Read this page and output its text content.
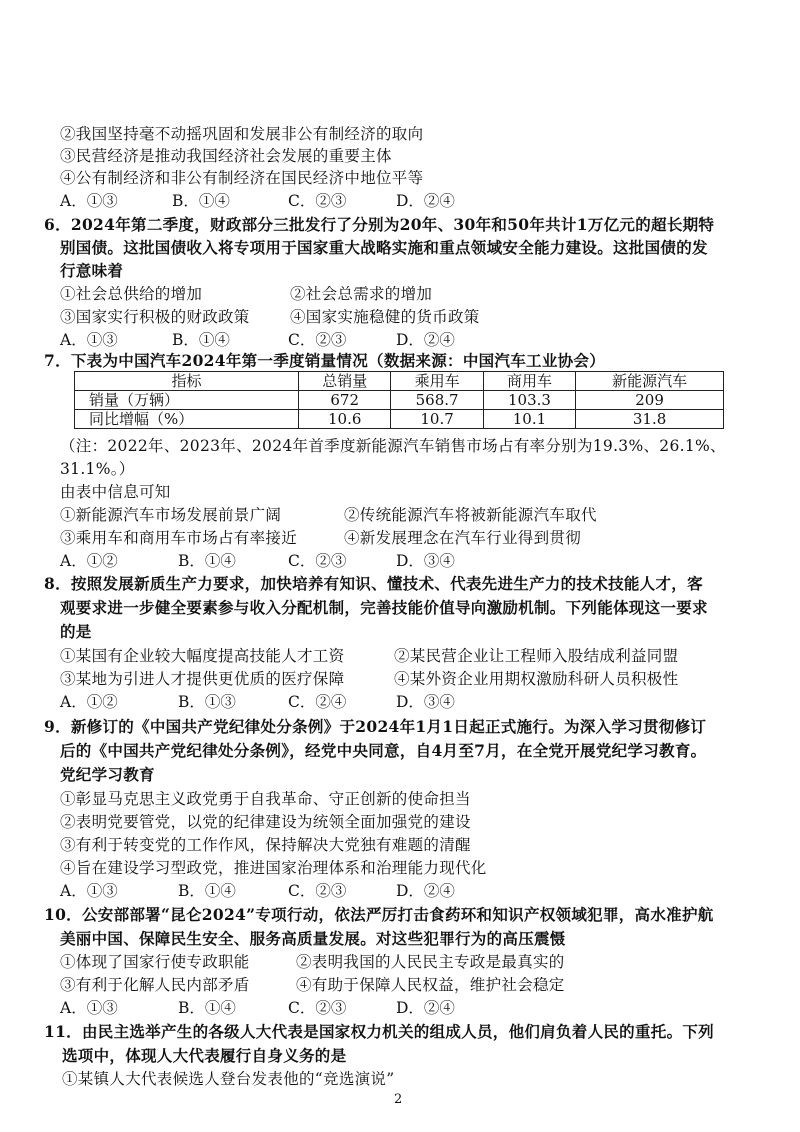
②我国坚持毫不动摇巩固和发展非公有制经济的取向
③民营经济是推动我国经济社会发展的重要主体
④公有制经济和非公有制经济在国民经济中地位平等
A．①③	B．①④	C．②③	D．②④
6．2024年第二季度，财政部分三批发行了分别为20年、30年和50年共计1万亿元的超长期特
别国债。这批国债收入将专项用于国家重大战略实施和重点领域安全能力建设。这批国债的发
行意味着
①社会总供给的增加	②社会总需求的增加
③国家实行积极的财政政策	④国家实施稳健的货币政策
A．①③	B．①④	C．②③	D．②④
7．下表为中国汽车2024年第一季度销量情况（数据来源：中国汽车工业协会）
指标	总销量	乘用车	商用车	新能源汽车
销量（万辆）	672	568.7	103.3	209
同比增幅（%）	10.6	10.7	10.1	31.8
（注：2022年、2023年、2024年首季度新能源汽车销售市场占有率分别为19.3%、26.1%、
31.1%。）
由表中信息可知
①新能源汽车市场发展前景广阔	②传统能源汽车将被新能源汽车取代
③乘用车和商用车市场占有率接近	④新发展理念在汽车行业得到贯彻
A．①②	B．①④	C．②③	D．③④
8．按照发展新质生产力要求，加快培养有知识、懂技术、代表先进生产力的技术技能人才，客
观要求进一步健全要素参与收入分配机制，完善技能价值导向激励机制。下列能体现这一要求
的是
①某国有企业较大幅度提高技能人才工资	②某民营企业让工程师入股结成利益同盟
③某地为引进人才提供更优质的医疗保障	④某外资企业用期权激励科研人员积极性
A．①②	B．①③	C．②④	D．③④
9．新修订的《中国共产党纪律处分条例》于2024年1月1日起正式施行。为深入学习贯彻修订
后的《中国共产党纪律处分条例》，经党中央同意，自4月至7月，在全党开展党纪学习教育。
党纪学习教育
①彰显马克思主义政党勇于自我革命、守正创新的使命担当
②表明党要管党，以党的纪律建设为统领全面加强党的建设
③有利于转变党的工作作风，保持解决大党独有难题的清醒
④旨在建设学习型政党，推进国家治理体系和治理能力现代化
A．①③	B．①④	C．②③	D．②④
10．公安部部署“昆仑2024”专项行动，依法严厉打击食药环和知识产权领域犯罪，高水准护航
美丽中国、保障民生安全、服务高质量发展。对这些犯罪行为的高压震慑
①体现了国家行使专政职能	②表明我国的人民民主专政是最真实的
③有利于化解人民内部矛盾	④有助于保障人民权益，维护社会稳定
A．①③	B．①④	C．②③	D．②④
11．由民主选举产生的各级人大代表是国家权力机关的组成人员，他们肩负着人民的重托。下列
选项中，体现人大代表履行自身义务的是
①某镇人大代表候选人登台发表他的“竞选演说”
2
